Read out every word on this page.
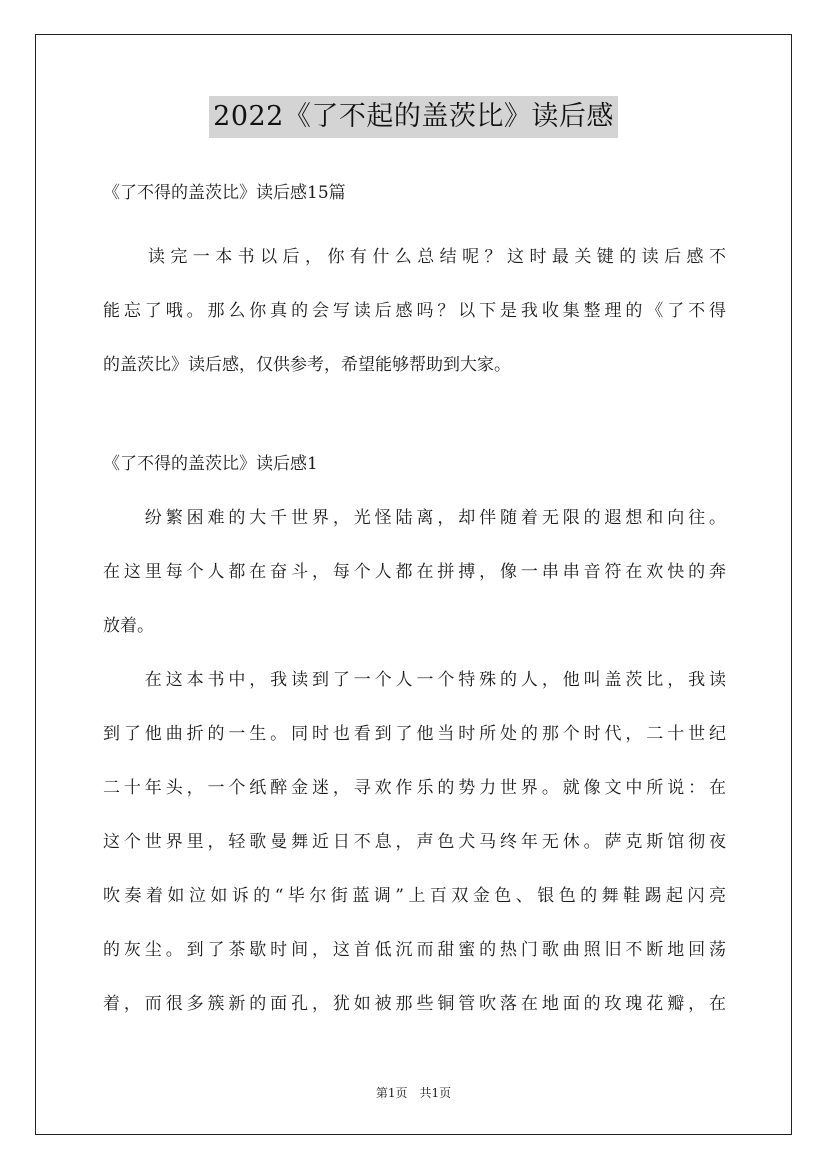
2022《了不起的盖茨比》读后感
《了不得的盖茨比》读后感15篇
　　读完一本书以后，你有什么总结呢？这时最关键的读后感不
能忘了哦。那么你真的会写读后感吗？以下是我收集整理的《了不得
的盖茨比》读后感，仅供参考，希望能够帮助到大家。
《了不得的盖茨比》读后感1
　　纷繁困难的大千世界，光怪陆离，却伴随着无限的遐想和向往。
在这里每个人都在奋斗，每个人都在拼搏，像一串串音符在欢快的奔
放着。
　　在这本书中，我读到了一个人一个特殊的人，他叫盖茨比，我读
到了他曲折的一生。同时也看到了他当时所处的那个时代，二十世纪
二十年头，一个纸醉金迷，寻欢作乐的势力世界。就像文中所说：在
这个世界里，轻歌曼舞近日不息，声色犬马终年无休。萨克斯馆彻夜
吹奏着如泣如诉的“毕尔街蓝调”上百双金色、银色的舞鞋踢起闪亮
的灰尘。到了茶歇时间，这首低沉而甜蜜的热门歌曲照旧不断地回荡
着，而很多簇新的面孔，犹如被那些铜管吹落在地面的玫瑰花瓣，在
第1页　共1页
